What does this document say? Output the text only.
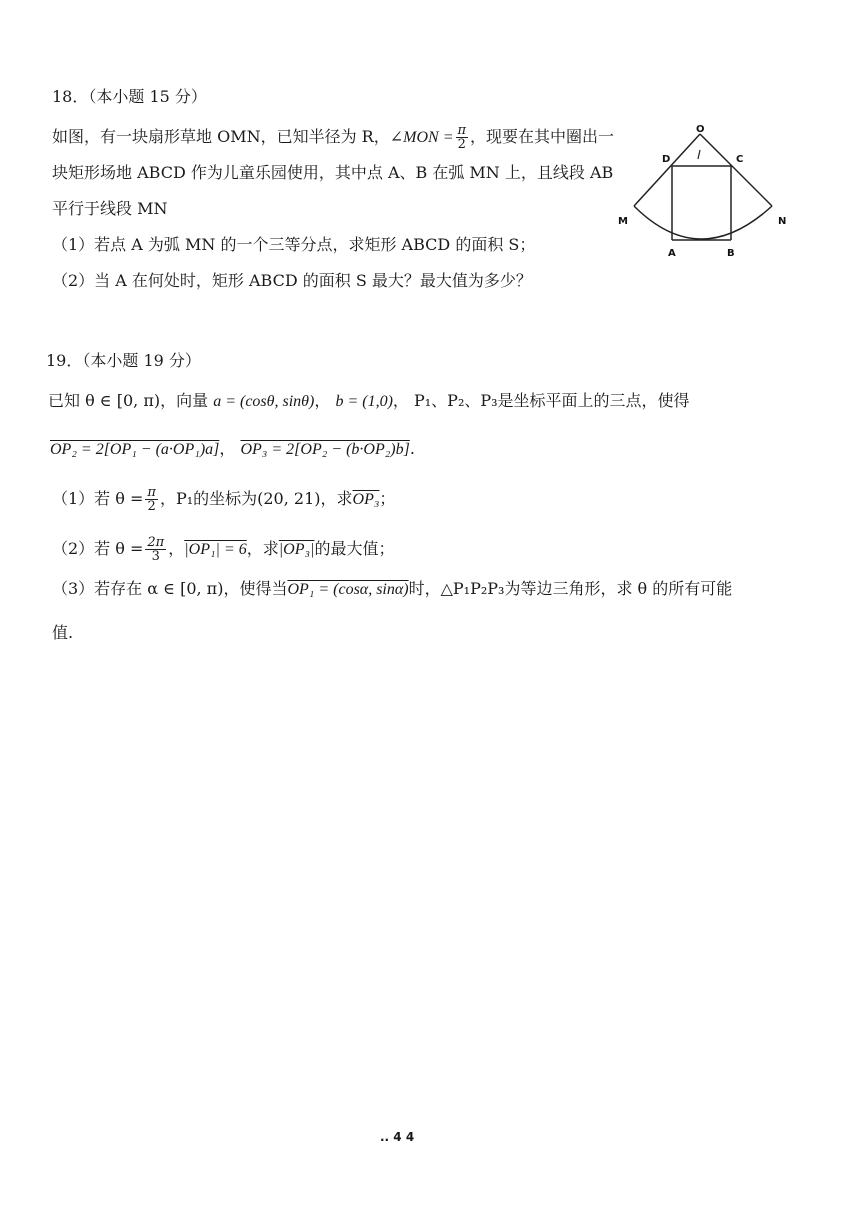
18．（本小题 15 分）
如图，有一块扇形草地 OMN，已知半径为 R，∠MON = $\frac{\pi}{2}$ ，现要在其中圈出一
块矩形场地 ABCD 作为儿童乐园使用，其中点 A、B 在弧 MN 上，且线段 AB
平行于线段 MN
（1）若点 A 为弧 MN 的一个三等分点，求矩形 ABCD 的面积 S；
（2）当 A 在何处时，矩形 ABCD 的面积 S 最大？最大值为多少？
O
D	C
M	N
A	B
19．（本小题 19 分）
已知 θ ∈ [0, π)，向量 a = (cosθ, sinθ)， b = (1,0)， P₁、P₂、P₃是坐标平面上的三点，使得
OP₂ = 2[OP₁ − (a·OP₁)a]， OP₃ = 2[OP₂ − (b·OP₂)b].
（1）若 $\theta = \frac{\pi}{2}$ ，P₁的坐标为(20, 21)，求OP₃；
（2）若 $\theta = \frac{2\pi}{3}$ ，|OP₁| = 6，求|OP₃|的最大值；
（3）若存在 α ∈ [0, π)，使得当OP₁ = (cosα, sinα)时，△P₁P₂P₃为等边三角形，求 θ 的所有可能
值.
.. 4 4
